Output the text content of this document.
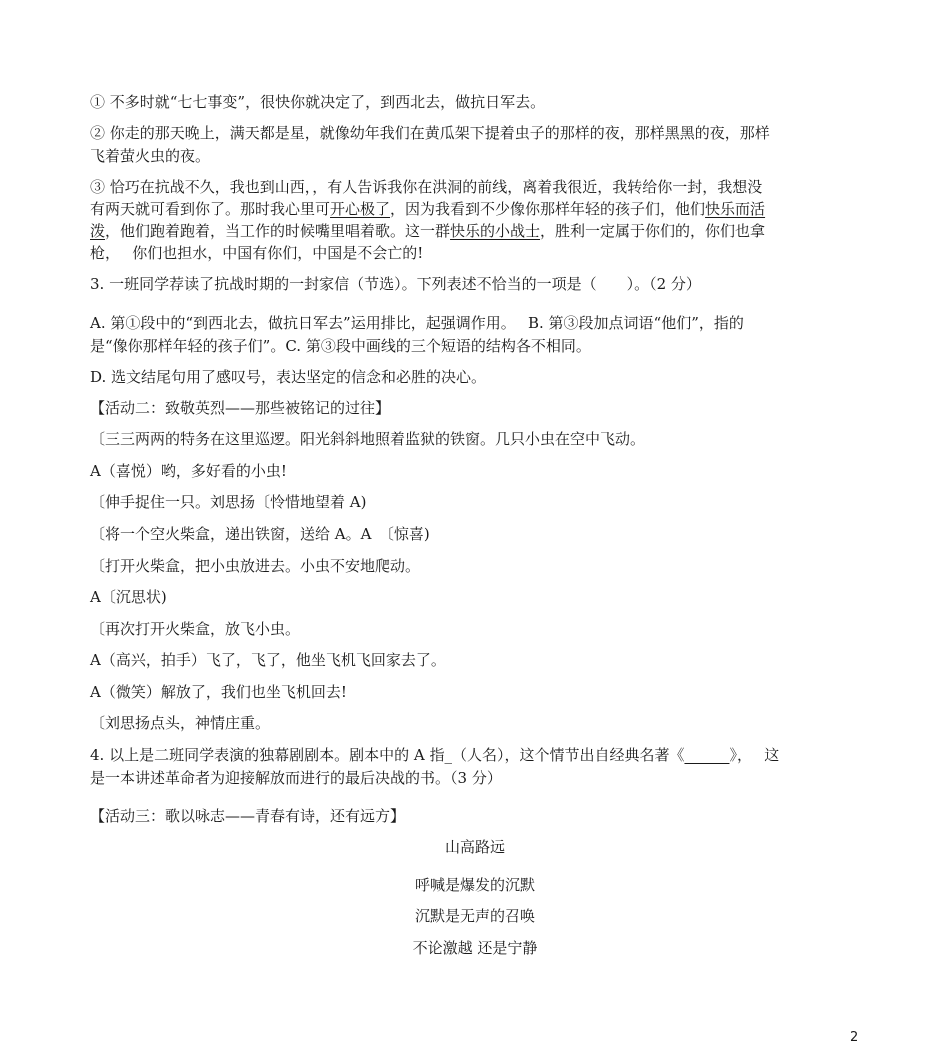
① 不多时就“七七事变”，很快你就决定了，到西北去，做抗日军去。
② 你走的那天晚上，满天都是星，就像幼年我们在黄瓜架下提着虫子的那样的夜，那样黑黑的夜，那样
飞着萤火虫的夜。
③ 恰巧在抗战不久，我也到山西，，有人告诉我你在洪洞的前线，离着我很近，我转给你一封，我想没
有两天就可看到你了。那时我心里可开心极了，因为我看到不少像你那样年轻的孩子们，他们快乐而活
泼，他们跑着跑着，当工作的时候嘴里唱着歌。这一群快乐的小战士，胜利一定属于你们的，你们也拿
枪，　 你们也担水，中国有你们，中国是不会亡的!
3. 一班同学荐读了抗战时期的一封家信（节选）。下列表述不恰当的一项是（　　）。（2 分）
A. 第①段中的“到西北去，做抗日军去”运用排比，起强调作用。　 B. 第③段加点词语“他们”，指的
是“像你那样年轻的孩子们”。C. 第③段中画线的三个短语的结构各不相同。
D. 选文结尾句用了感叹号，表达坚定的信念和必胜的决心。
【活动二：致敬英烈——那些被铭记的过往】
〔三三两两的特务在这里巡逻。阳光斜斜地照着监狱的铁窗。几只小虫在空中飞动。
A（喜悦）哟，多好看的小虫!
〔伸手捉住一只。刘思扬〔怜惜地望着 A)
〔将一个空火柴盒，递出铁窗，送给 A。A　〔惊喜)
〔打开火柴盒，把小虫放进去。小虫不安地爬动。
A〔沉思状)
〔再次打开火柴盒，放飞小虫。
A（高兴，拍手）飞了，飞了，他坐飞机飞回家去了。
A（微笑）解放了，我们也坐飞机回去!
〔刘思扬点头，神情庄重。
4. 以上是二班同学表演的独幕剧剧本。剧本中的 A 指_（人名），这个情节出自经典名著《　　　	》，　 这
是一本讲述革命者为迎接解放而进行的最后决战的书。（3 分）
【活动三：歌以咏志——青春有诗，还有远方】
山高路远
呼喊是爆发的沉默
沉默是无声的召唤
不论激越 还是宁静
2
